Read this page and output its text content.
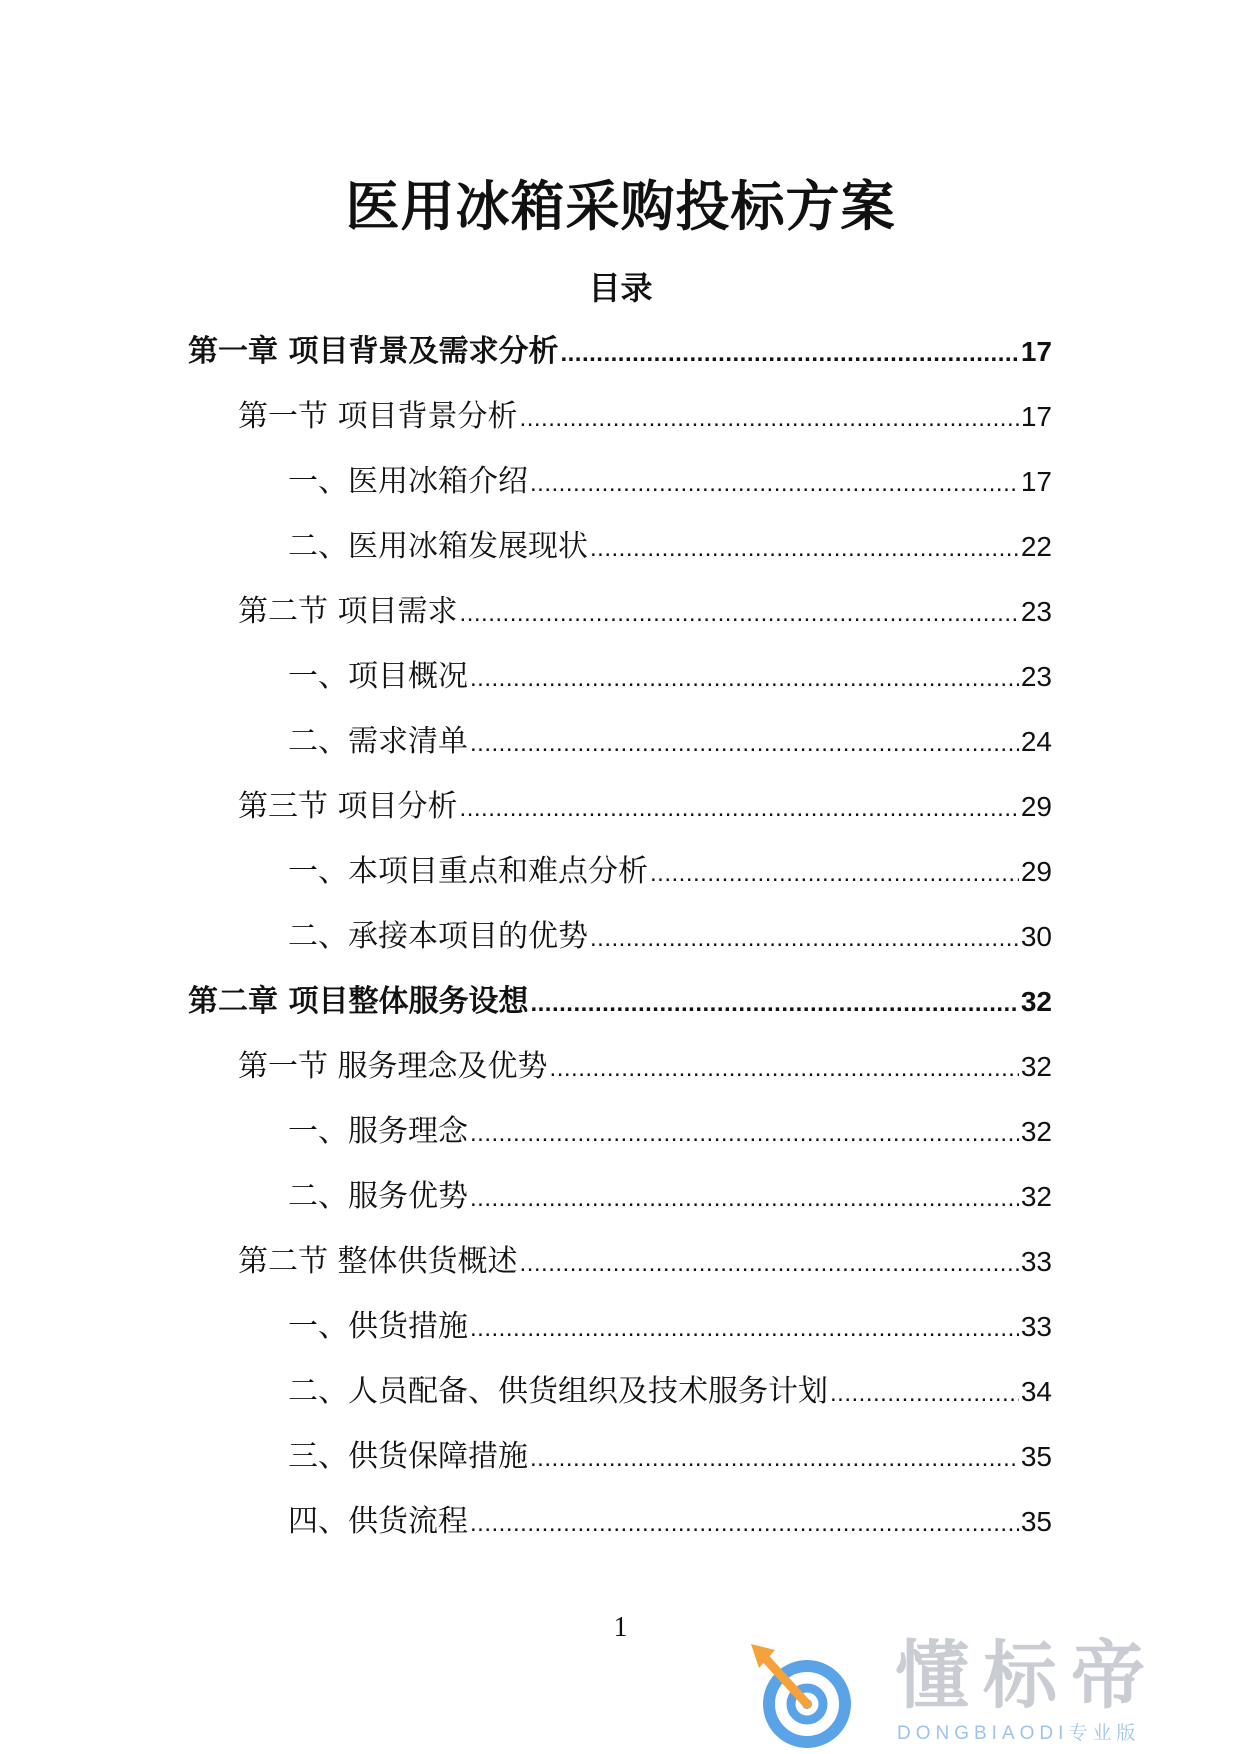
医用冰箱采购投标方案
目录
第一章 项目背景及需求分析 .....	17
第一节 项目背景分析 .....	17
一、医用冰箱介绍 .....	17
二、医用冰箱发展现状 .....	22
第二节 项目需求 .....	23
一、项目概况 .....	23
二、需求清单 .....	24
第三节 项目分析 .....	29
一、本项目重点和难点分析 .....	29
二、承接本项目的优势 .....	30
第二章 项目整体服务设想 .....	32
第一节 服务理念及优势 .....	32
一、服务理念 .....	32
二、服务优势 .....	32
第二节 整体供货概述 .....	33
一、供货措施 .....	33
二、人员配备、供货组织及技术服务计划 .....	34
三、供货保障措施 .....	35
四、供货流程 .....	35
1
懂标帝
DONGBIAODI专业版
